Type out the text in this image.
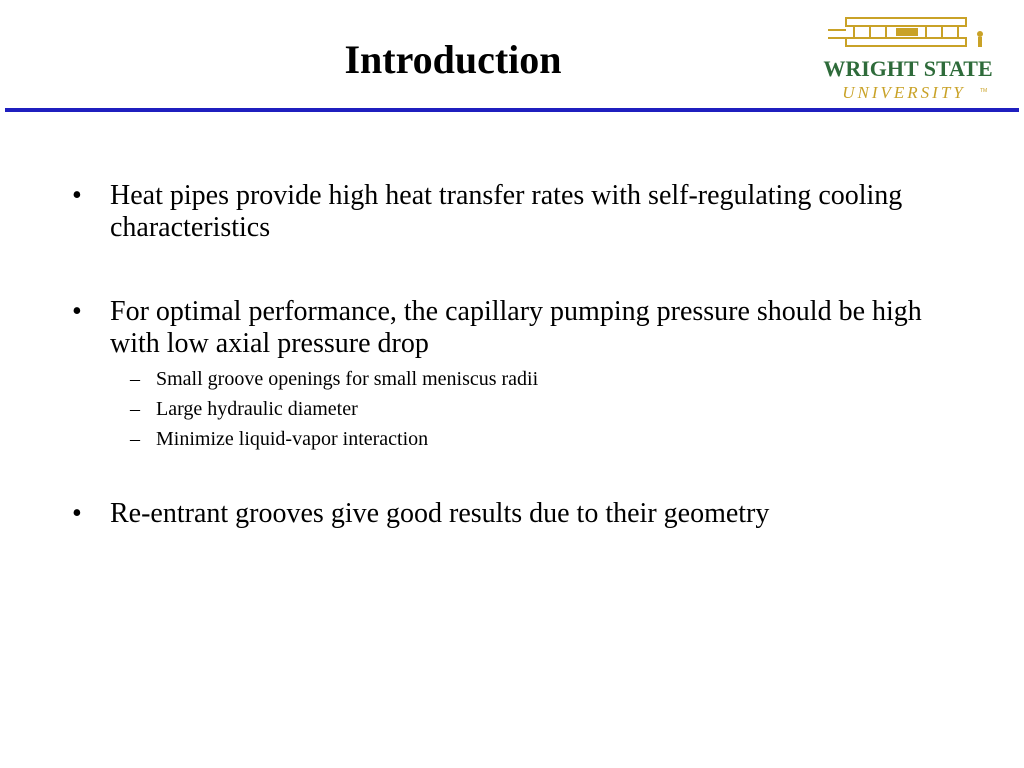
Introduction	WRIGHT STATE
UNIVERSITY	TM
• Heat pipes provide high heat transfer rates with self-regulating cooling characteristics
• For optimal performance, the capillary pumping pressure should be high with low axial pressure drop
– Small groove openings for small meniscus radii
– Large hydraulic diameter
– Minimize liquid-vapor interaction
• Re-entrant grooves give good results due to their geometry
